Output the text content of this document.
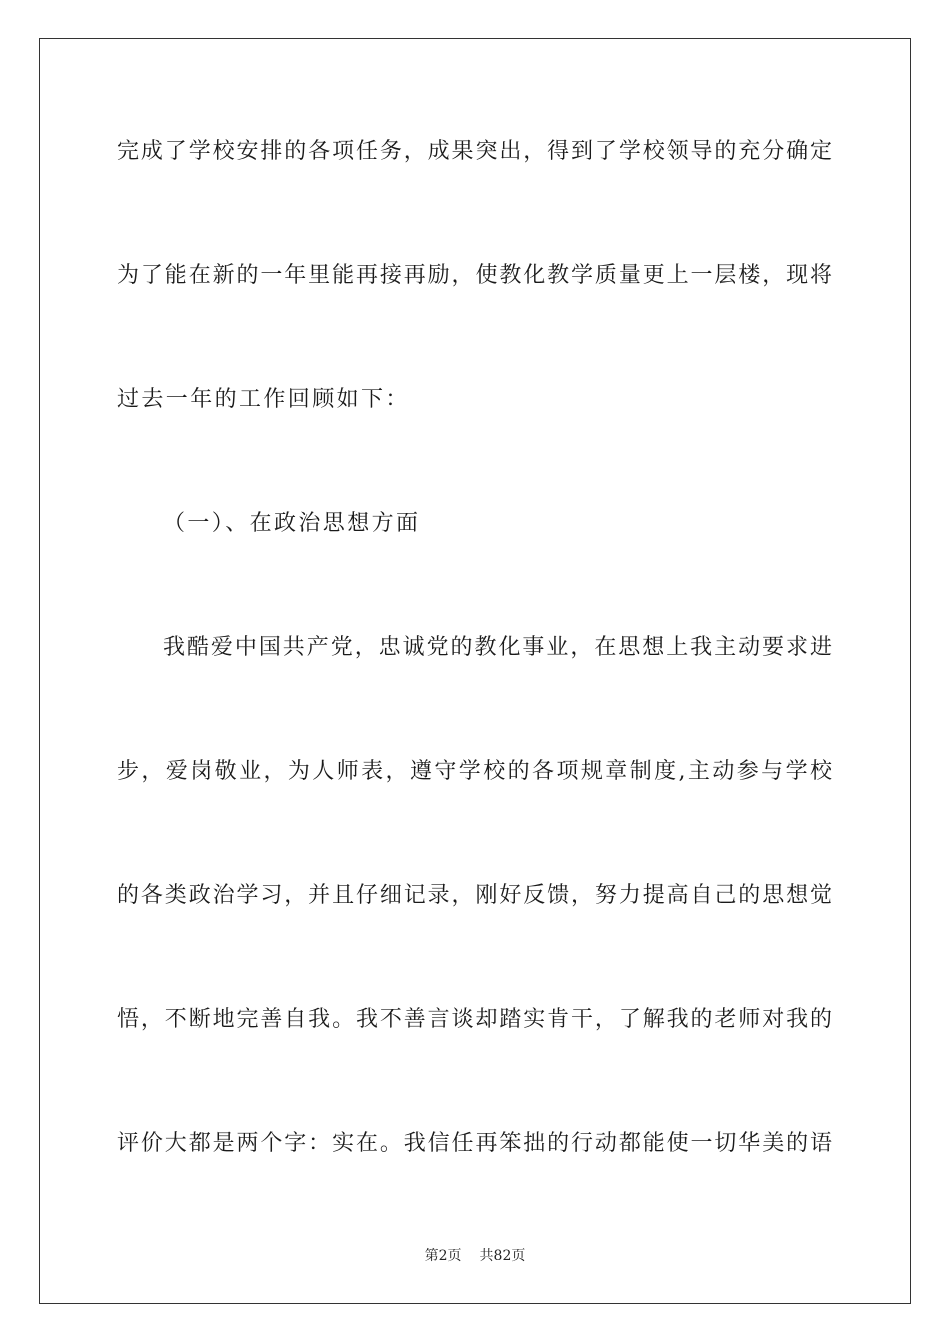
完成了学校安排的各项任务，成果突出，得到了学校领导的充分确定
为了能在新的一年里能再接再励，使教化教学质量更上一层楼，现将
过去一年的工作回顾如下：
（一）、在政治思想方面
我酷爱中国共产党，忠诚党的教化事业，在思想上我主动要求进
步，爱岗敬业，为人师表，遵守学校的各项规章制度,主动参与学校
的各类政治学习，并且仔细记录，刚好反馈，努力提高自己的思想觉
悟，不断地完善自我。我不善言谈却踏实肯干，了解我的老师对我的
评价大都是两个字：实在。我信任再笨拙的行动都能使一切华美的语
第2页 共82页
